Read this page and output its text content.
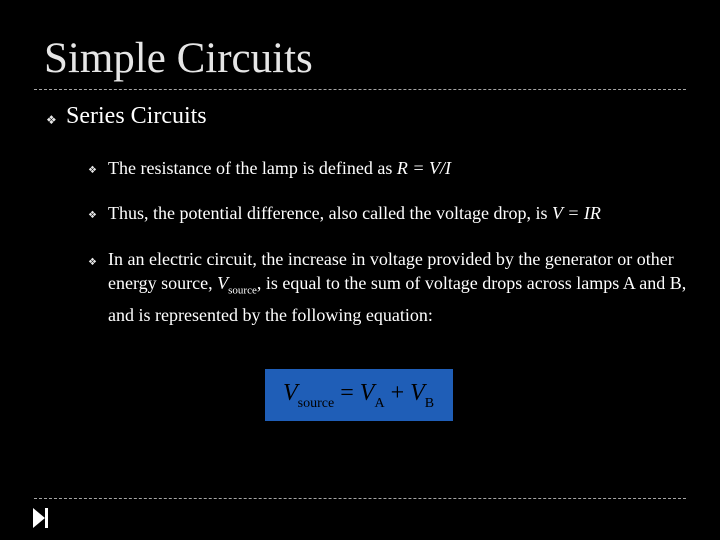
Simple Circuits
❖ Series Circuits
❖ The resistance of the lamp is defined as R = V/I
❖ Thus, the potential difference, also called the voltage drop, is V = IR
❖ In an electric circuit, the increase in voltage provided by the generator or other energy source, $V_{source}$, is equal to the sum of voltage drops across lamps A and B, and is represented by the following equation:
$V_{source} = V_A + V_B$
